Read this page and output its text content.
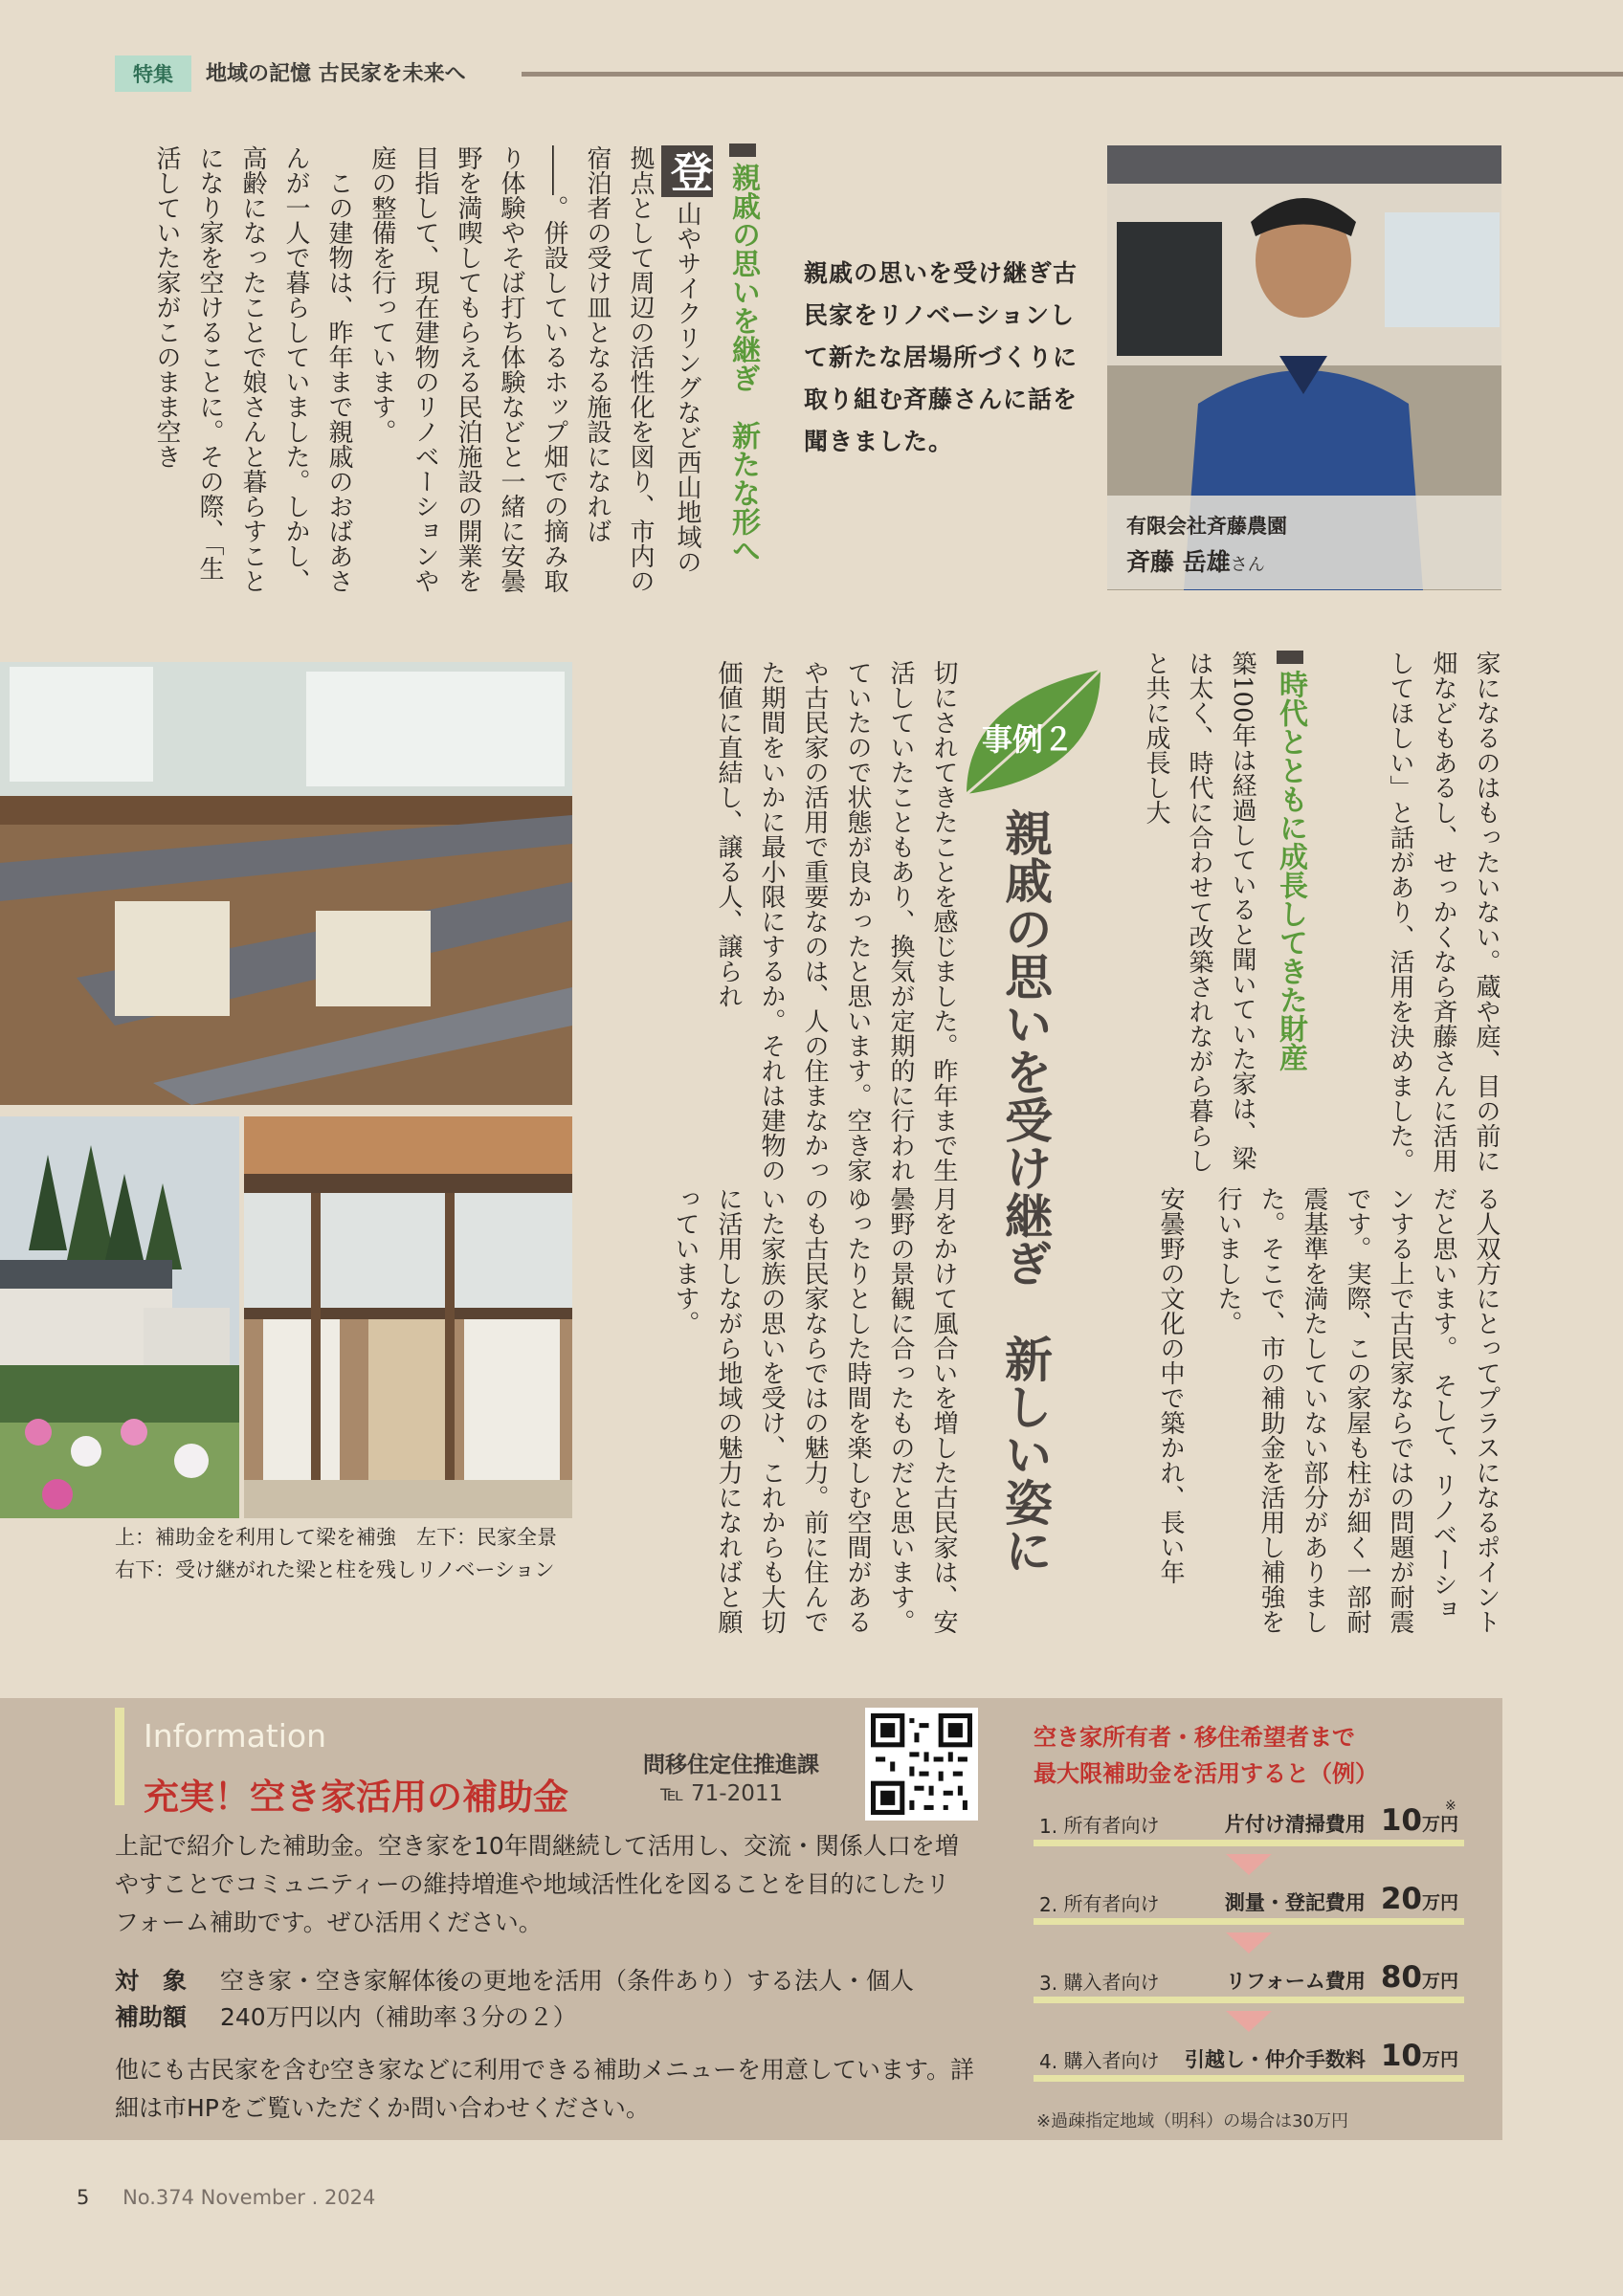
特集	地域の記憶 古民家を未来へ
親戚の思いを継ぎ　新たな形へ

登山やサイクリングなど西山地域の拠点として周辺の活性化を図り、市内の宿泊者の受け皿となる施設になれば――。併設しているホップ畑での摘み取り体験やそば打ち体験などと一緒に安曇野を満喫してもらえる民泊施設の開業を目指して、現在建物のリノベーションや庭の整備を行っています。

この建物は、昨年まで親戚のおばあさんが一人で暮らしていました。しかし、高齢になったことで娘さんと暮らすことになり家を空けることに。その際、「生活していた家がこのまま空き	親戚の思いを受け継ぎ古民家をリノベーションして新たな居場所づくりに取り組む斉藤さんに話を聞きました。
有限会社斉藤農園
斉藤 岳雄さん
上：補助金を利用して梁を補強　左下：民家全景　右下：受け継がれた梁と柱を残しリノベーション
切にされてきたことを感じました。昨年まで生活していたこともあり、換気が定期的に行われていたので状態が良かったと思います。空き家や古民家の活用で重要なのは、人の住まなかった期間をいかに最小限にするか。それは建物の価値に直結し、譲る人、譲られ
月をかけて風合いを増した古民家は、安曇野の景観に合ったものだと思います。ゆったりとした時間を楽しむ空間があるのも古民家ならではの魅力。前に住んでいた家族の思いを受け、これからも大切に活用しながら地域の魅力になればと願っています。
事例２
親戚の思いを受け継ぎ　新しい姿に	時代とともに成長してきた財産	家になるのはもったいない。蔵や庭、目の前に畑などもあるし、せっかくなら斉藤さんに活用してほしい」と話があり、活用を決めました。
築100年は経過していると聞いていた家は、梁は太く、時代に合わせて改築されながら暮らしと共に成長し大
る人双方にとってプラスになるポイントだと思います。　そして、リノベーションする上で古民家ならではの問題が耐震です。実際、この家屋も柱が細く一部耐震基準を満たしていない部分がありました。そこで、市の補助金を活用し補強を行いました。
安曇野の文化の中で築かれ、長い年
Information
充実！空き家活用の補助金
問移住定住推進課
℡ 71-2011
上記で紹介した補助金。空き家を10年間継続して活用し、交流・関係人口を増やすことでコミュニティーの維持増進や地域活性化を図ることを目的にしたリフォーム補助です。ぜひ活用ください。
対　象 空き家・空き家解体後の更地を活用（条件あり）する法人・個人
補助額 240万円以内（補助率３分の２）
他にも古民家を含む空き家などに利用できる補助メニューを用意しています。詳細は市HPをご覧いただくか問い合わせください。
空き家所有者・移住希望者まで
最大限補助金を活用すると（例）
※
1.
所有者向け	片付け清掃費用 10万円
2.
所有者向け	測量・登記費用 20万円
3.
購入者向け	リフォーム費用 80万円
4.
購入者向け 引越し・仲介手数料 10万円
※過疎指定地域（明科）の場合は30万円
5 No.374 November . 2024
